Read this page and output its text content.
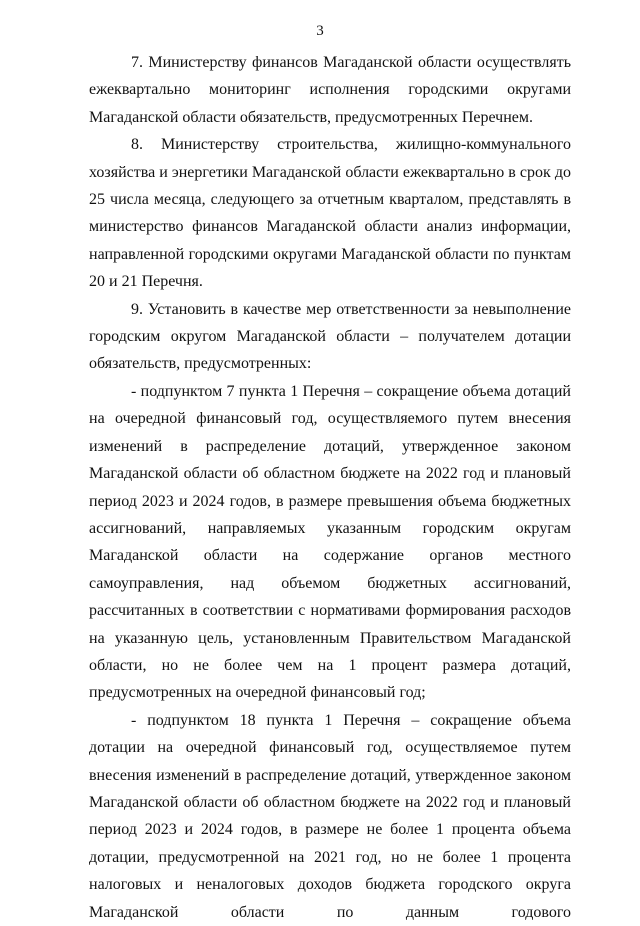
3

7. Министерству финансов Магаданской области осуществлять ежеквартально мониторинг исполнения городскими округами Магаданской области обязательств, предусмотренных Перечнем.

8. Министерству строительства, жилищно-коммунального хозяйства и энергетики Магаданской области ежеквартально в срок до 25 числа месяца, следующего за отчетным кварталом, представлять в министерство финансов Магаданской области анализ информации, направленной городскими округами Магаданской области по пунктам 20 и 21 Перечня.

9. Установить в качестве мер ответственности за невыполнение городским округом Магаданской области – получателем дотации обязательств, предусмотренных:

- подпунктом 7 пункта 1 Перечня – сокращение объема дотаций на очередной финансовый год, осуществляемого путем внесения изменений в распределение дотаций, утвержденное законом Магаданской области об областном бюджете на 2022 год и плановый период 2023 и 2024 годов, в размере превышения объема бюджетных ассигнований, направляемых указанным городским округам Магаданской области на содержание органов местного самоуправления, над объемом бюджетных ассигнований, рассчитанных в соответствии с нормативами формирования расходов на указанную цель, установленным Правительством Магаданской области, но не более чем на 1 процент размера дотаций, предусмотренных на очередной финансовый год;

- подпунктом 18 пункта 1 Перечня – сокращение объема дотации на очередной финансовый год, осуществляемое путем внесения изменений в распределение дотаций, утвержденное законом Магаданской области об областном бюджете на 2022 год и плановый период 2023 и 2024 годов, в размере не более 1 процента объема дотации, предусмотренной на 2021 год, но не более 1 процента налоговых и неналоговых доходов бюджета городского округа Магаданской области по данным годового
